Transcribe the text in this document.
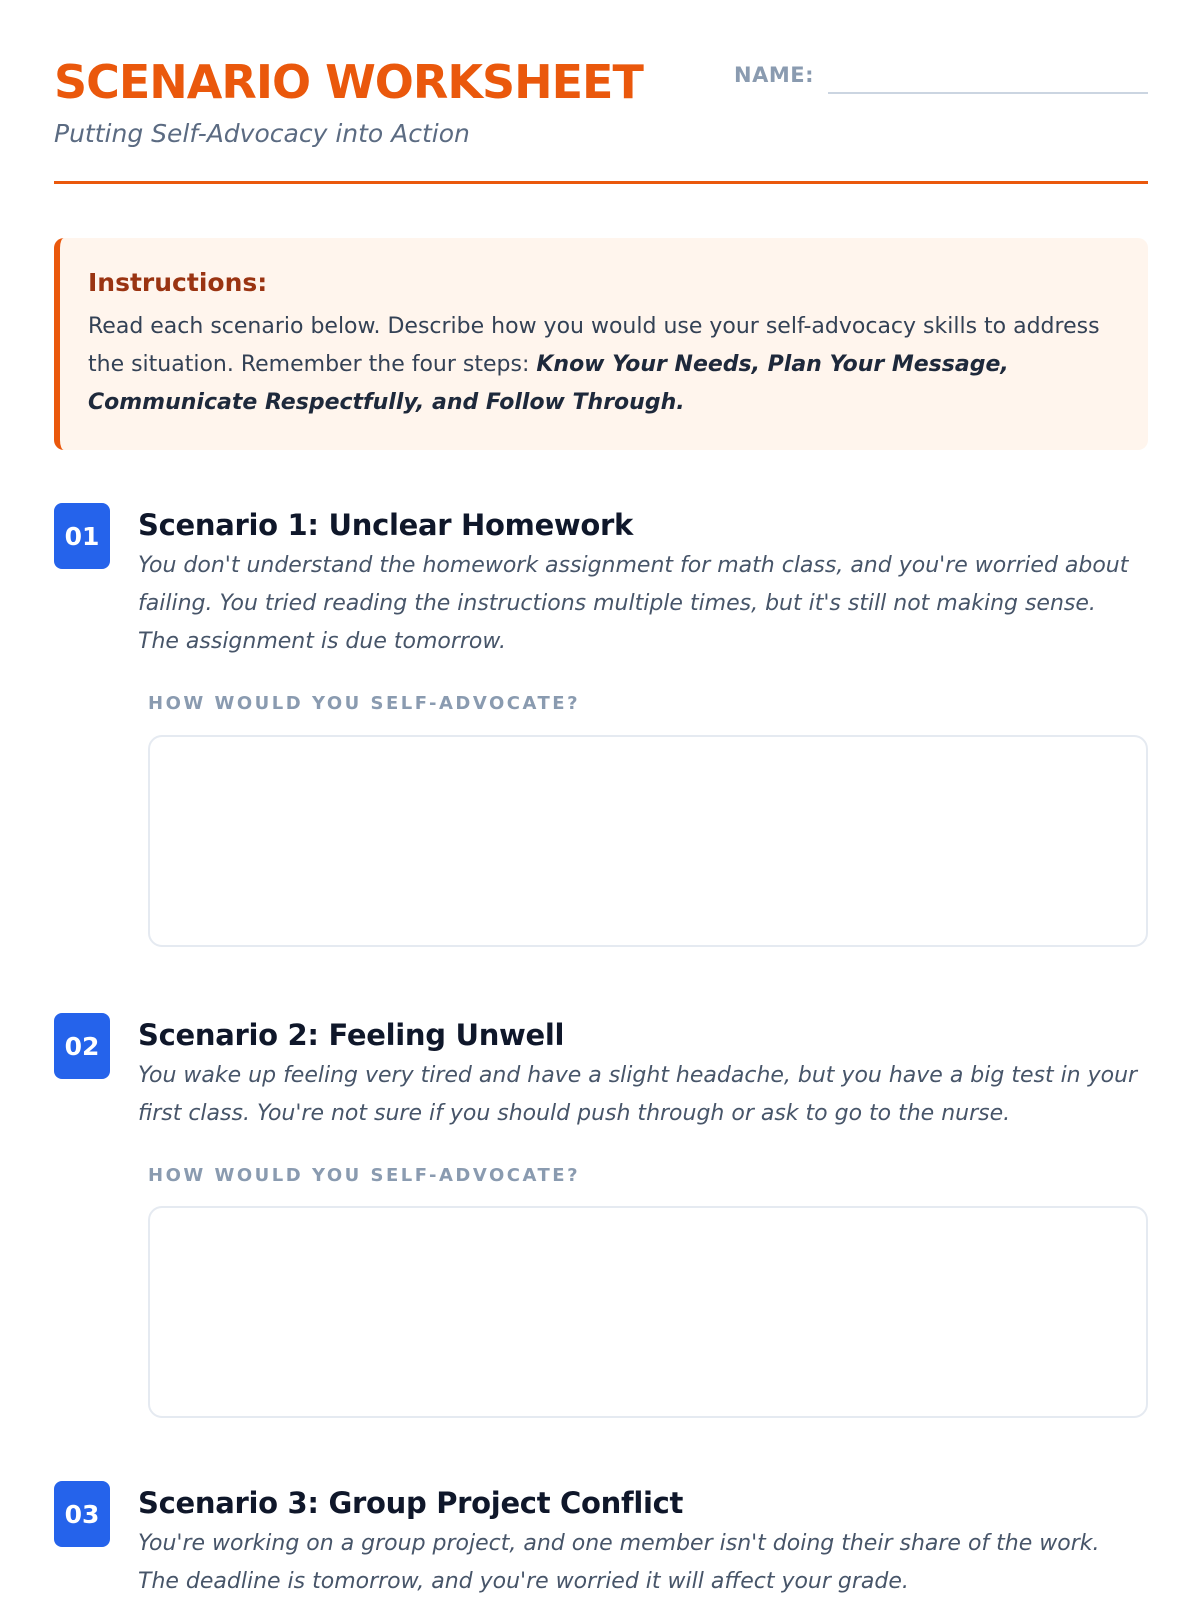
SCENARIO WORKSHEET
Putting Self-Advocacy into Action
NAME:
Instructions:

Read each scenario below. Describe how you would use your self-advocacy skills to address the situation. Remember the four steps: Know Your Needs, Plan Your Message, Communicate Respectfully, and Follow Through.

01	Scenario 1: Unclear Homework

You don't understand the homework assignment for math class, and you're worried about failing. You tried reading the instructions multiple times, but it's still not making sense. The assignment is due tomorrow.

HOW WOULD YOU SELF-ADVOCATE?
02	Scenario 2: Feeling Unwell

You wake up feeling very tired and have a slight headache, but you have a big test in your first class. You're not sure if you should push through or ask to go to the nurse.

HOW WOULD YOU SELF-ADVOCATE?
03	Scenario 3: Group Project Conflict

You're working on a group project, and one member isn't doing their share of the work. The deadline is tomorrow, and you're worried it will affect your grade.
